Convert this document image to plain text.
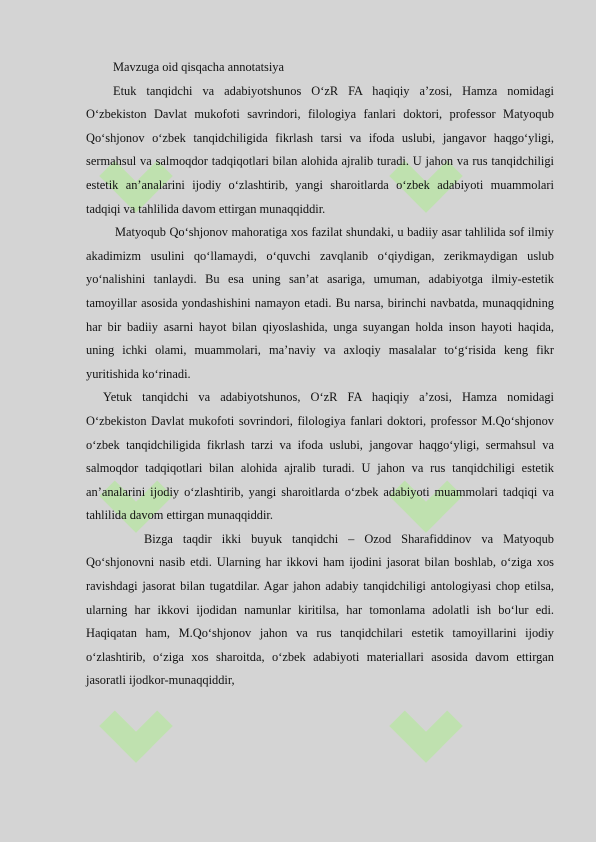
Mavzuga oid qisqacha annotatsiya

Etuk tanqidchi va adabiyotshunos O‘zR FA haqiqiy a’zosi, Hamza nomidagi O‘zbekiston Davlat mukofoti savrindori, filologiya fanlari doktori, professor Matyoqub Qo‘shjonov o‘zbek tanqidchiligida fikrlash tarsi va ifoda uslubi, jangavor haqgo‘yligi, sermahsul va salmoqdor tadqiqotlari bilan alohida ajralib turadi. U jahon va rus tanqidchiligi estetik an’analarini ijodiy o‘zlashtirib, yangi sharoitlarda o‘zbek adabiyoti muammolari tadqiqi va tahlilida davom ettirgan munaqqiddir.

Matyoqub Qo‘shjonov mahoratiga xos fazilat shundaki, u badiiy asar tahlilida sof ilmiy akadimizm usulini qo‘llamaydi, o‘quvchi zavqlanib o‘qiydigan, zerikmaydigan uslub yo‘nalishini tanlaydi. Bu esa uning san’at asariga, umuman, adabiyotga ilmiy-estetik tamoyillar asosida yondashishini namayon etadi. Bu narsa, birinchi navbatda, munaqqidning har bir badiiy asarni hayot bilan qiyoslashida, unga suyangan holda inson hayoti haqida, uning ichki olami, muammolari, ma’naviy va axloqiy masalalar to‘g‘risida keng fikr yuritishida ko‘rinadi.

Yetuk tanqidchi va adabiyotshunos, O‘zR FA haqiqiy a’zosi, Hamza nomidagi O‘zbekiston Davlat mukofoti sovrindori, filologiya fanlari doktori, professor M.Qo‘shjonov o‘zbek tanqidchiligida fikrlash tarzi va ifoda uslubi, jangovar haqgo‘yligi, sermahsul va salmoqdor tadqiqotlari bilan alohida ajralib turadi. U jahon va rus tanqidchiligi estetik an’analarini ijodiy o‘zlashtirib, yangi sharoitlarda o‘zbek adabiyoti muammolari tadqiqi va tahlilida davom ettirgan munaqqiddir.

Bizga taqdir ikki buyuk tanqidchi – Ozod Sharafiddinov va Matyoqub Qo‘shjonovni nasib etdi. Ularning har ikkovi ham ijodini jasorat bilan boshlab, o‘ziga xos ravishdagi jasorat bilan tugatdilar. Agar jahon adabiy tanqidchiligi antologiyasi chop etilsa, ularning har ikkovi ijodidan namunlar kiritilsa, har tomonlama adolatli ish bo‘lur edi. Haqiqatan ham, M.Qo‘shjonov jahon va rus tanqidchilari estetik tamoyillarini ijodiy o‘zlashtirib, o‘ziga xos sharoitda, o‘zbek adabiyoti materiallari asosida davom ettirgan jasoratli ijodkor-munaqqiddir,
